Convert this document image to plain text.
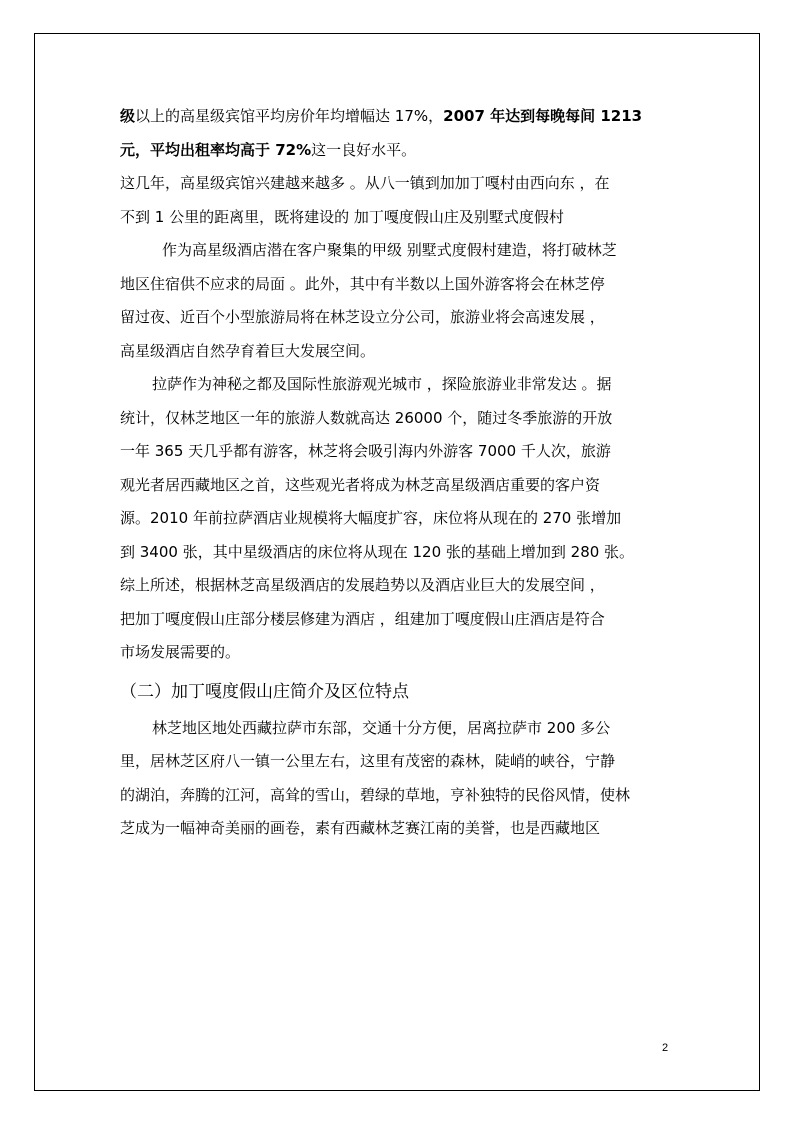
级以上的高星级宾馆平均房价年均增幅达 17%，2007 年达到每晚每间 1213
元，平均出租率均高于 72%这一良好水平。
这几年，高星级宾馆兴建越来越多 。从八一镇到加加丁嘎村由西向东 ，在
不到 1 公里的距离里，既将建设的 加丁嘎度假山庄及别墅式度假村
作为高星级酒店潜在客户聚集的甲级 别墅式度假村建造，将打破林芝
地区住宿供不应求的局面 。此外，其中有半数以上国外游客将会在林芝停
留过夜、近百个小型旅游局将在林芝设立分公司，旅游业将会高速发展 ，
高星级酒店自然孕育着巨大发展空间。
拉萨作为神秘之都及国际性旅游观光城市 ，探险旅游业非常发达 。据
统计，仅林芝地区一年的旅游人数就高达 26000 个，随过冬季旅游的开放
一年 365 天几乎都有游客，林芝将会吸引海内外游客 7000 千人次，旅游
观光者居西藏地区之首，这些观光者将成为林芝高星级酒店重要的客户资
源。2010 年前拉萨酒店业规模将大幅度扩容，床位将从现在的 270 张增加
到 3400 张，其中星级酒店的床位将从现在 120 张的基础上增加到 280 张。
综上所述，根据林芝高星级酒店的发展趋势以及酒店业巨大的发展空间 ，
把加丁嘎度假山庄部分楼层修建为酒店 ，组建加丁嘎度假山庄酒店是符合
市场发展需要的。
（二）加丁嘎度假山庄简介及区位特点
林芝地区地处西藏拉萨市东部，交通十分方便，居离拉萨市 200 多公
里，居林芝区府八一镇一公里左右，这里有茂密的森林，陡峭的峡谷，宁静
的湖泊，奔腾的江河，高耸的雪山，碧绿的草地，亨补独特的民俗风情，使林
芝成为一幅神奇美丽的画卷，素有西藏林芝赛江南的美誉，也是西藏地区
2
